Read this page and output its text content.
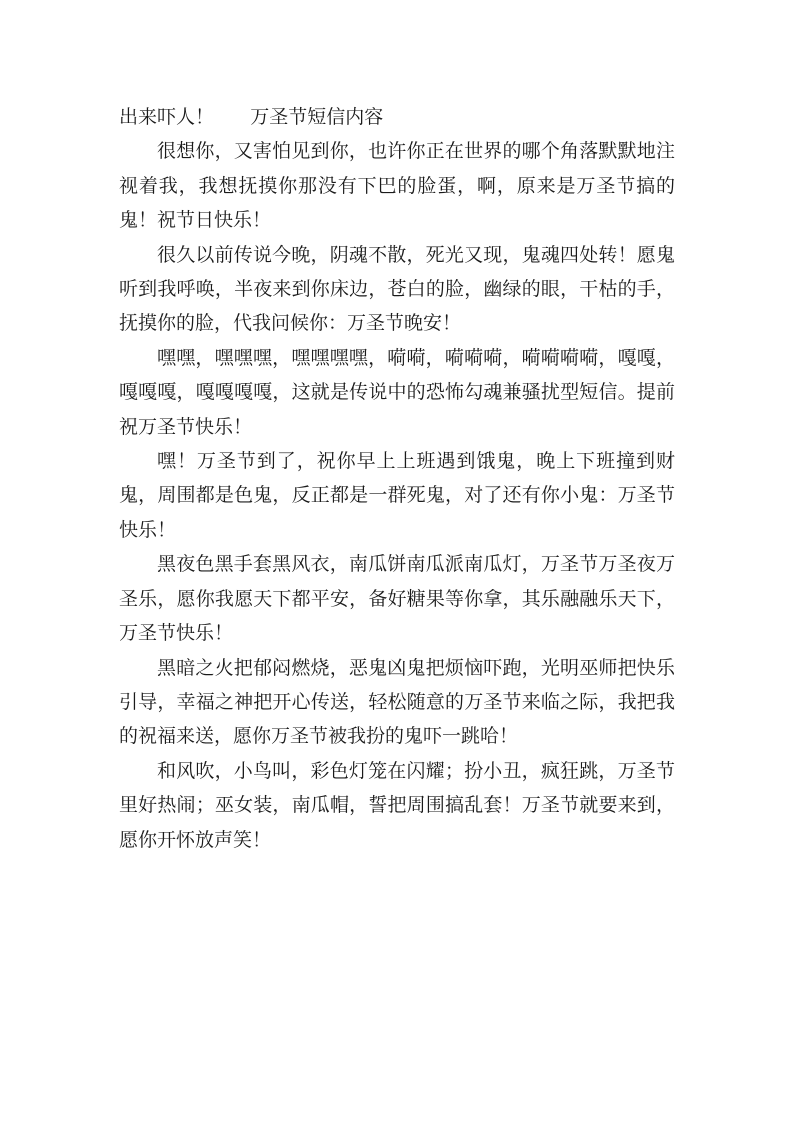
出来吓人！ 万圣节短信内容

很想你，又害怕见到你，也许你正在世界的哪个角落默默地注视着我，我想抚摸你那没有下巴的脸蛋，啊，原来是万圣节搞的鬼！祝节日快乐！

很久以前传说今晚，阴魂不散，死光又现，鬼魂四处转！愿鬼听到我呼唤，半夜来到你床边，苍白的脸，幽绿的眼，干枯的手，抚摸你的脸，代我问候你：万圣节晚安！

嘿嘿，嘿嘿嘿，嘿嘿嘿嘿，嗬嗬，嗬嗬嗬，嗬嗬嗬嗬，嘎嘎，嘎嘎嘎，嘎嘎嘎嘎，这就是传说中的恐怖勾魂兼骚扰型短信。提前祝万圣节快乐！

嘿！万圣节到了，祝你早上上班遇到饿鬼，晚上下班撞到财鬼，周围都是色鬼，反正都是一群死鬼，对了还有你小鬼：万圣节快乐！

黑夜色黑手套黑风衣，南瓜饼南瓜派南瓜灯，万圣节万圣夜万圣乐，愿你我愿天下都平安，备好糖果等你拿，其乐融融乐天下，万圣节快乐！

黑暗之火把郁闷燃烧，恶鬼凶鬼把烦恼吓跑，光明巫师把快乐引导，幸福之神把开心传送，轻松随意的万圣节来临之际，我把我的祝福来送，愿你万圣节被我扮的鬼吓一跳哈！

和风吹，小鸟叫，彩色灯笼在闪耀；扮小丑，疯狂跳，万圣节里好热闹；巫女装，南瓜帽，誓把周围搞乱套！万圣节就要来到，愿你开怀放声笑！
